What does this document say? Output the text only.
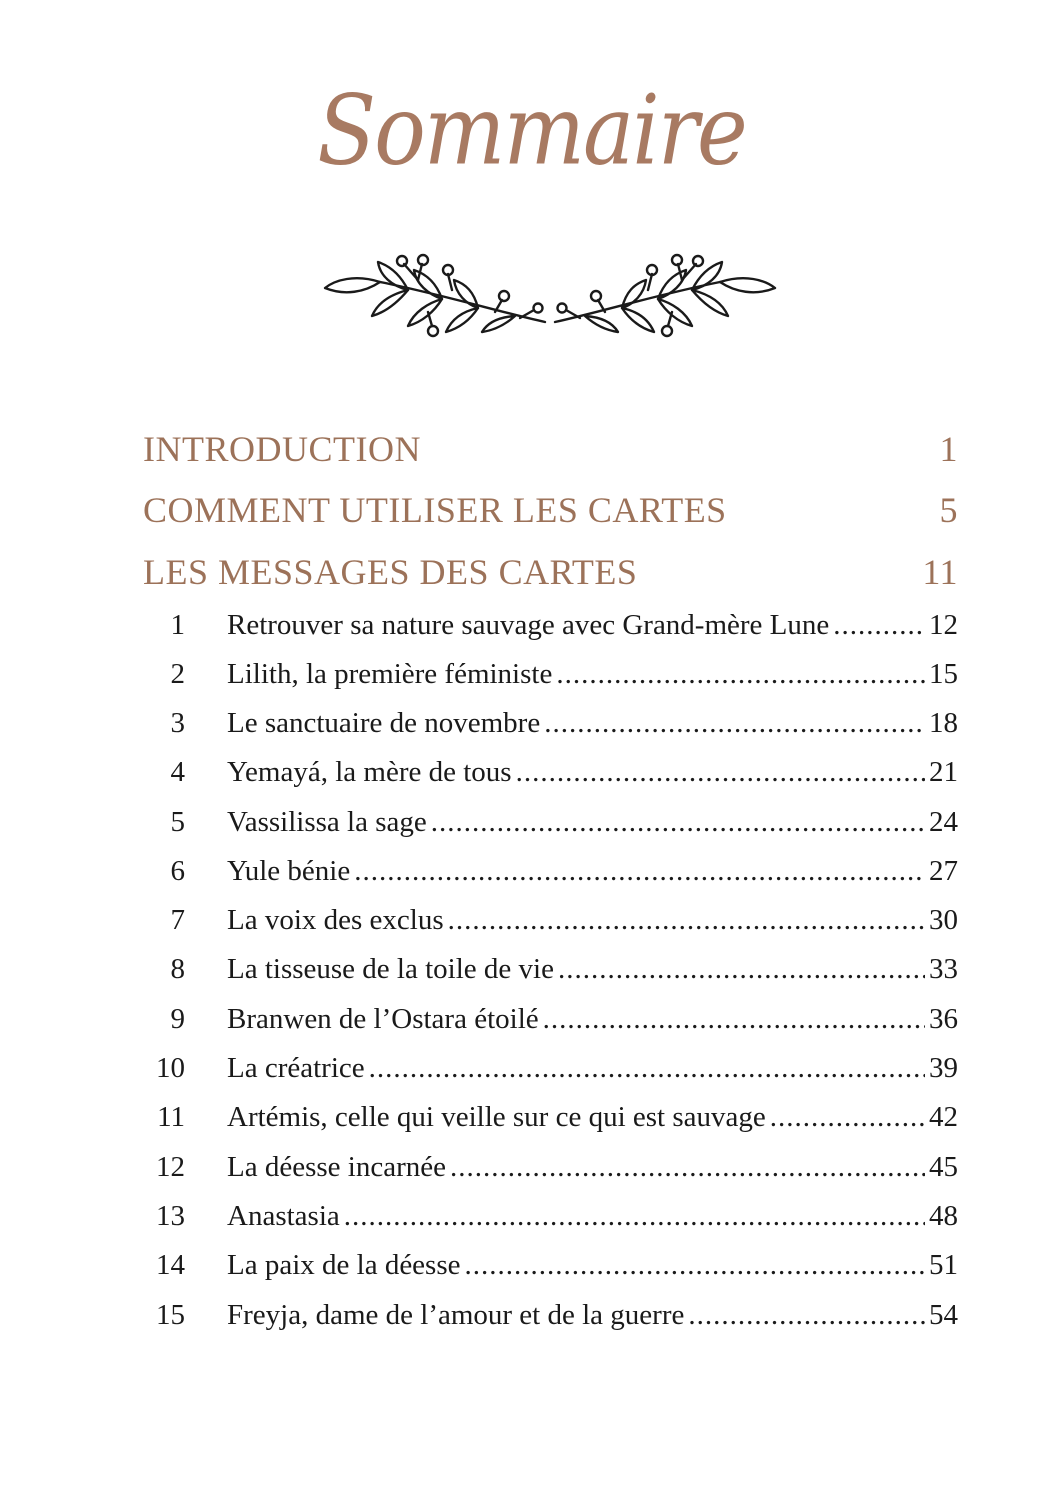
Sommaire
INTRODUCTION	1
COMMENT UTILISER LES CARTES	5
LES MESSAGES DES CARTES	11
1 Retrouver sa nature sauvage avec Grand-mère Lune .....	12
2 Lilith, la première féministe .....	15
3 Le sanctuaire de novembre .....	18
4 Yemayá, la mère de tous .....	21
5 Vassilissa la sage .....	24
6 Yule bénie .....	27
7 La voix des exclus .....	30
8 La tisseuse de la toile de vie .....	33
9 Branwen de l’Ostara étoilé .....	36
10 La créatrice .....	39
11 Artémis, celle qui veille sur ce qui est sauvage .....	42
12 La déesse incarnée .....	45
13 Anastasia .....	48
14 La paix de la déesse .....	51
15 Freyja, dame de l’amour et de la guerre .....	54
